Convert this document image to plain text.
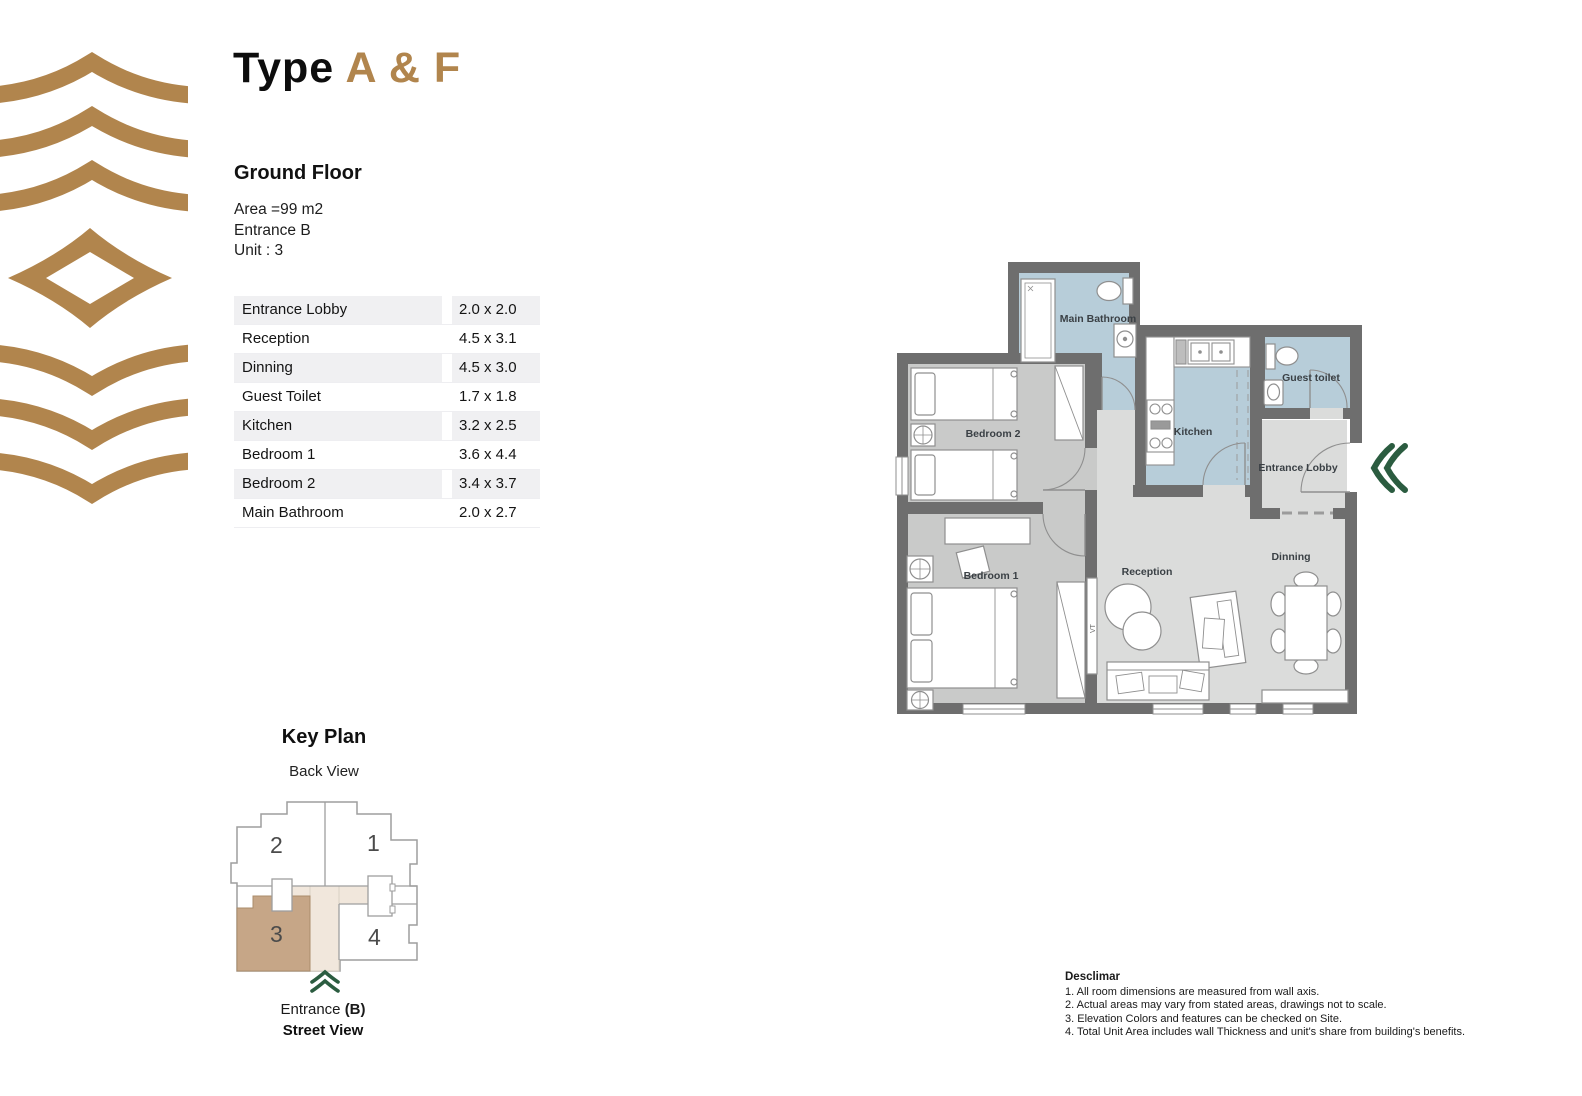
Type A & F
Ground Floor
Area =99 m2
Entrance B
Unit : 3
Entrance Lobby	2.0 x 2.0
Reception	4.5 x 3.1
Dinning	4.5 x 3.0
Guest Toilet	1.7 x 1.8
Kitchen	3.2 x 2.5
Bedroom 1	3.6 x 4.4
Bedroom 2	3.4 x 3.7
Main Bathroom	2.0 x 2.7
Key Plan
Back View
2	1
3	4
Entrance (B)
Street View
VT
Main Bathroom
Guest toilet
Kitchen
Entrance Lobby
Bedroom 2
Bedroom 1	Reception
Dinning
Desclimar
1. All room dimensions are measured from wall axis.
2. Actual areas may vary from stated areas, drawings not to scale.
3. Elevation Colors and features can be checked on Site.
4. Total Unit Area includes wall Thickness and unit's share from building's benefits.
